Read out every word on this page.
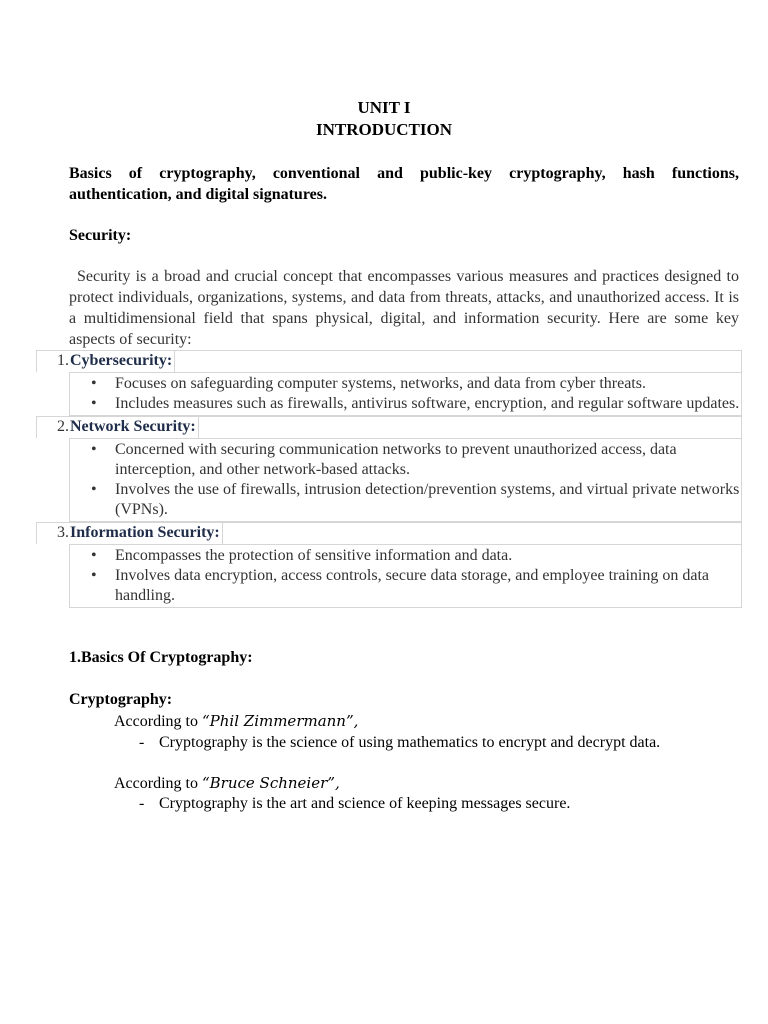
UNIT I
INTRODUCTION
Basics of cryptography, conventional and public-key cryptography, hash functions, authentication, and digital signatures.
Security:

Security is a broad and crucial concept that encompasses various measures and practices designed to protect individuals, organizations, systems, and data from threats, attacks, and unauthorized access. It is a multidimensional field that spans physical, digital, and information security. Here are some key aspects of security:

1. Cybersecurity:
• Focuses on safeguarding computer systems, networks, and data from cyber threats.
• Includes measures such as firewalls, antivirus software, encryption, and regular software updates.
2. Network Security:
• Concerned with securing communication networks to prevent unauthorized access, data interception, and other network-based attacks.
• Involves the use of firewalls, intrusion detection/prevention systems, and virtual private networks (VPNs).
3. Information Security:
• Encompasses the protection of sensitive information and data.
• Involves data encryption, access controls, secure data storage, and employee training on data handling.
1.Basics Of Cryptography:
Cryptography:
According to “Phil Zimmermann”,
- Cryptography is the science of using mathematics to encrypt and decrypt data.
According to “Bruce Schneier”,
- Cryptography is the art and science of keeping messages secure.
